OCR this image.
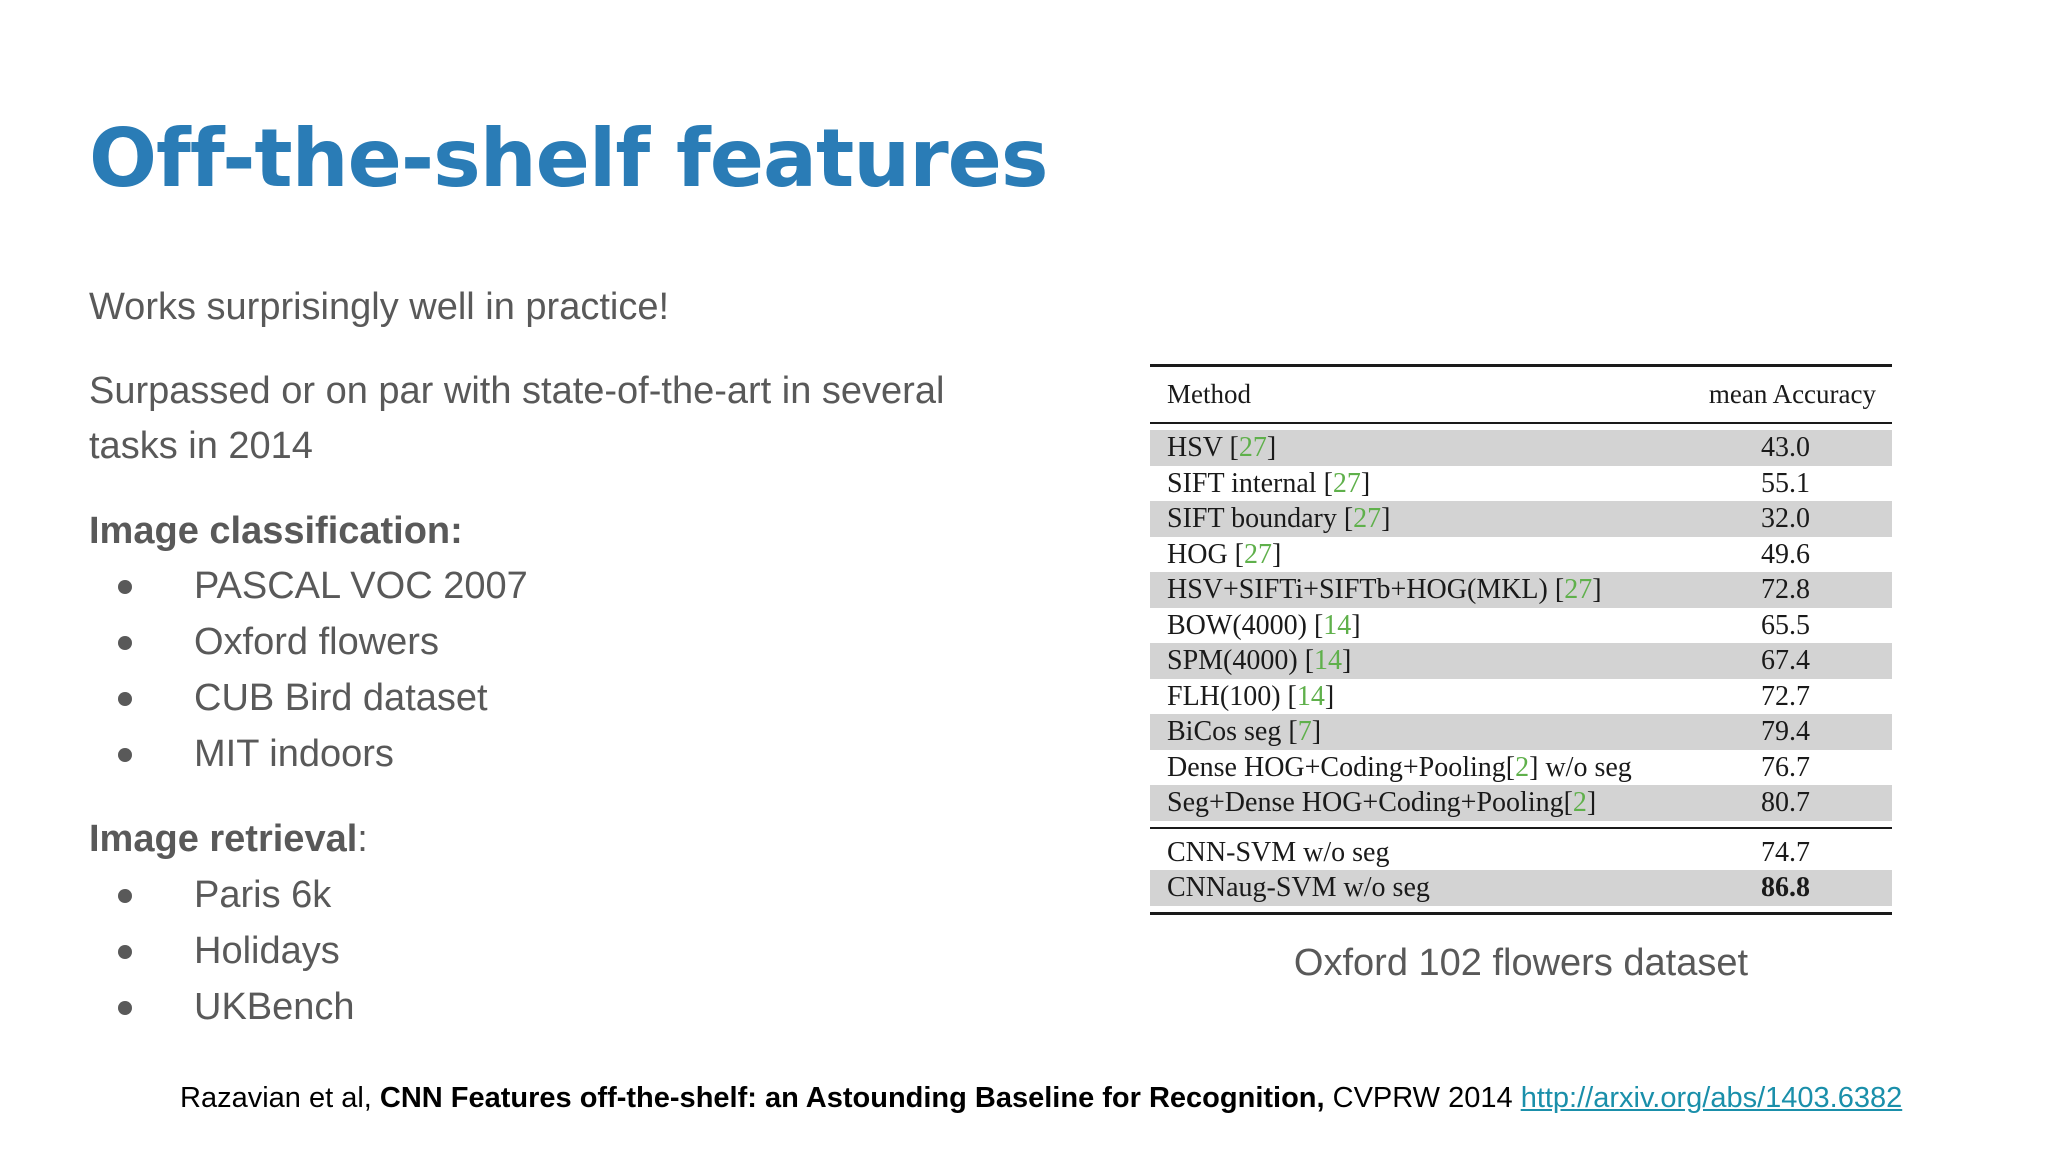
Off-the-shelf features
Works surprisingly well in practice!
Surpassed or on par with state-of-the-art in several
tasks in 2014
Image classification:
PASCAL VOC 2007
Oxford flowers
CUB Bird dataset
MIT indoors
Image retrieval:
Paris 6k
Holidays
UKBench
Method	mean Accuracy
HSV [27]	43.0
SIFT internal [27]	55.1
SIFT boundary [27]	32.0
HOG [27]	49.6
HSV+SIFTi+SIFTb+HOG(MKL) [27]	72.8
BOW(4000) [14]	65.5
SPM(4000) [14]	67.4
FLH(100) [14]	72.7
BiCos seg [7]	79.4
Dense HOG+Coding+Pooling[2] w/o seg	76.7
Seg+Dense HOG+Coding+Pooling[2]	80.7
CNN-SVM w/o seg	74.7
CNNaug-SVM w/o seg	86.8
Oxford 102 flowers dataset
Razavian et al, CNN Features off-the-shelf: an Astounding Baseline for Recognition, CVPRW 2014 http://arxiv.org/abs/1403.6382
